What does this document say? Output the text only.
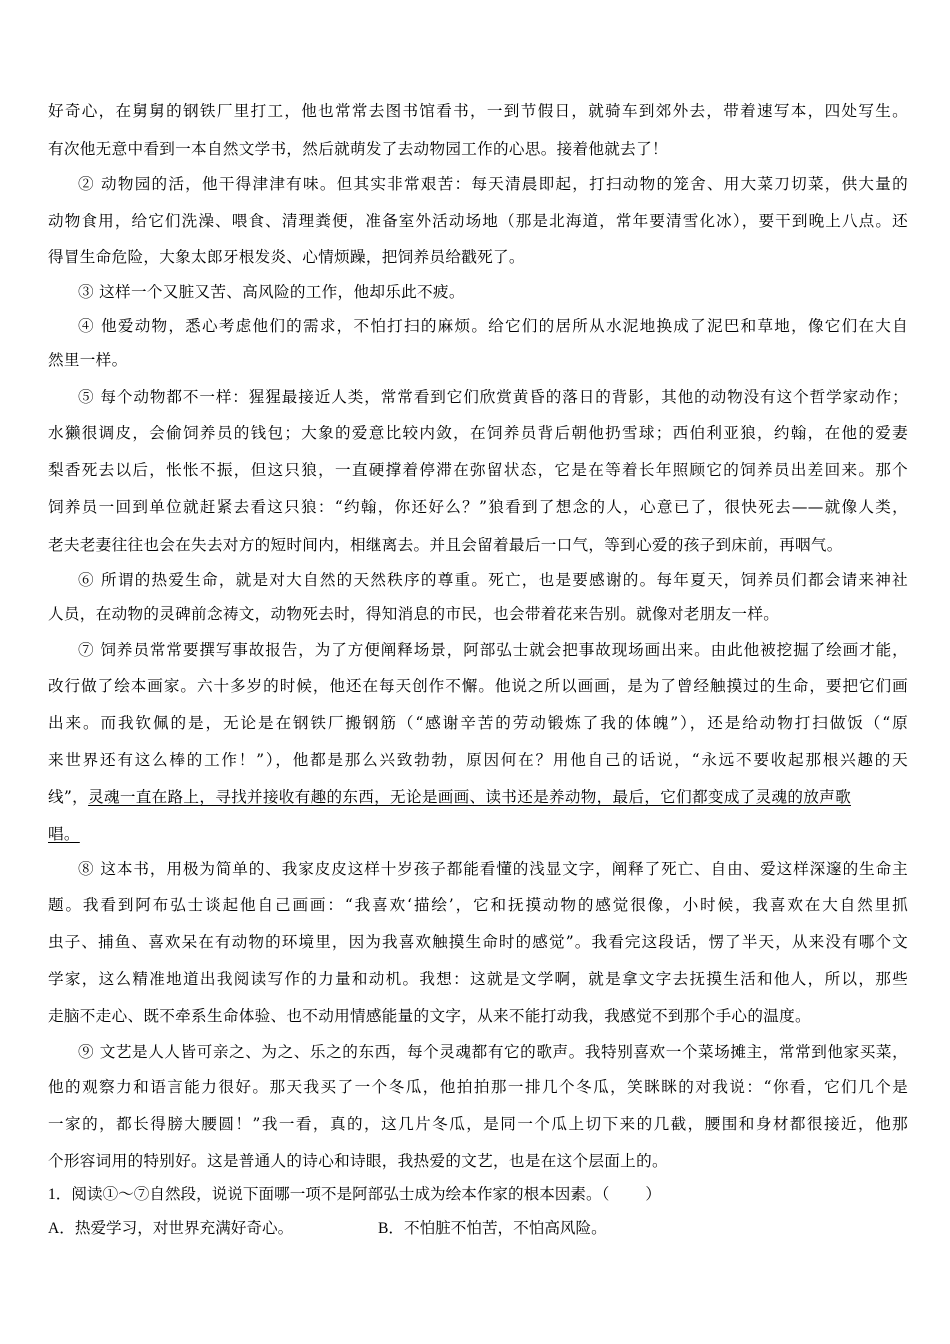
好奇心，在舅舅的钢铁厂里打工，他也常常去图书馆看书，一到节假日，就骑车到郊外去，带着速写本，四处写生。
有次他无意中看到一本自然文学书，然后就萌发了去动物园工作的心思。接着他就去了！
② 动物园的活，他干得津津有味。但其实非常艰苦：每天清晨即起，打扫动物的笼舍、用大菜刀切菜，供大量的
动物食用，给它们洗澡、喂食、清理粪便，准备室外活动场地（那是北海道，常年要清雪化冰），要干到晚上八点。还
得冒生命危险，大象太郎牙根发炎、心情烦躁，把饲养员给戳死了。
③ 这样一个又脏又苦、高风险的工作，他却乐此不疲。
④ 他爱动物，悉心考虑他们的需求，不怕打扫的麻烦。给它们的居所从水泥地换成了泥巴和草地，像它们在大自
然里一样。
⑤ 每个动物都不一样：猩猩最接近人类，常常看到它们欣赏黄昏的落日的背影，其他的动物没有这个哲学家动作；
水獭很调皮，会偷饲养员的钱包；大象的爱意比较内敛，在饲养员背后朝他扔雪球；西伯利亚狼，约翰，在他的爱妻
梨香死去以后，怅怅不振，但这只狼，一直硬撑着停滞在弥留状态，它是在等着长年照顾它的饲养员出差回来。那个
饲养员一回到单位就赶紧去看这只狼：“约翰，你还好么？”狼看到了想念的人，心意已了，很快死去——就像人类，
老夫老妻往往也会在失去对方的短时间内，相继离去。并且会留着最后一口气，等到心爱的孩子到床前，再咽气。
⑥ 所谓的热爱生命，就是对大自然的天然秩序的尊重。死亡，也是要感谢的。每年夏天，饲养员们都会请来神社
人员，在动物的灵碑前念祷文，动物死去时，得知消息的市民，也会带着花来告别。就像对老朋友一样。
⑦ 饲养员常常要撰写事故报告，为了方便阐释场景，阿部弘士就会把事故现场画出来。由此他被挖掘了绘画才能，
改行做了绘本画家。六十多岁的时候，他还在每天创作不懈。他说之所以画画，是为了曾经触摸过的生命，要把它们画
出来。而我钦佩的是，无论是在钢铁厂搬钢筋（“感谢辛苦的劳动锻炼了我的体魄”），还是给动物打扫做饭（“原
来世界还有这么棒的工作！”），他都是那么兴致勃勃，原因何在？用他自己的话说，“永远不要收起那根兴趣的天
线”，灵魂一直在路上，寻找并接收有趣的东西，无论是画画、读书还是养动物，最后，它们都变成了灵魂的放声歌
唱。
⑧ 这本书，用极为简单的、我家皮皮这样十岁孩子都能看懂的浅显文字，阐释了死亡、自由、爱这样深邃的生命主
题。我看到阿布弘士谈起他自己画画：“我喜欢‘描绘’，它和抚摸动物的感觉很像，小时候，我喜欢在大自然里抓
虫子、捕鱼、喜欢呆在有动物的环境里，因为我喜欢触摸生命时的感觉”。我看完这段话，愣了半天，从来没有哪个文
学家，这么精准地道出我阅读写作的力量和动机。我想：这就是文学啊，就是拿文字去抚摸生活和他人，所以，那些
走脑不走心、既不牵系生命体验、也不动用情感能量的文字，从来不能打动我，我感觉不到那个手心的温度。
⑨ 文艺是人人皆可亲之、为之、乐之的东西，每个灵魂都有它的歌声。我特别喜欢一个菜场摊主，常常到他家买菜，
他的观察力和语言能力很好。那天我买了一个冬瓜，他拍拍那一排几个冬瓜，笑眯眯的对我说：“你看，它们几个是
一家的，都长得膀大腰圆！”我一看，真的，这几片冬瓜，是同一个瓜上切下来的几截，腰围和身材都很接近，他那
个形容词用的特别好。这是普通人的诗心和诗眼，我热爱的文艺，也是在这个层面上的。
1．阅读①～⑦自然段，说说下面哪一项不是阿部弘士成为绘本作家的根本因素。（ ）
A．热爱学习，对世界充满好奇心。	B．不怕脏不怕苦，不怕高风险。
